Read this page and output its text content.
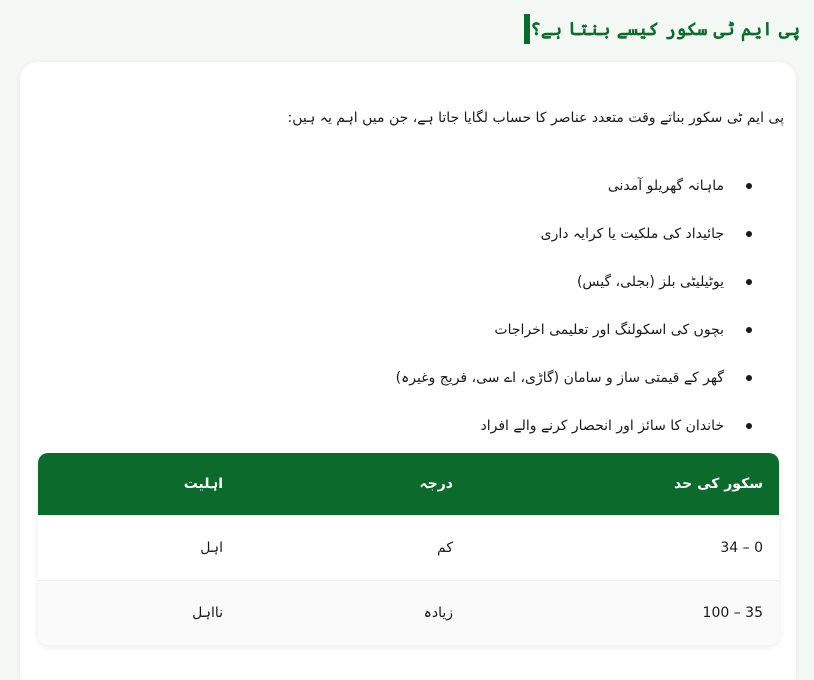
پی ایم ٹی سکور کیسے بنتا ہے؟

پی ایم ٹی سکور بناتے وقت متعدد عناصر کا حساب لگایا جاتا ہے، جن میں اہم یہ ہیں:

ماہانہ گھریلو آمدنی
جائیداد کی ملکیت یا کرایہ داری
یوٹیلیٹی بلز (بجلی، گیس)
بچوں کی اسکولنگ اور تعلیمی اخراجات
گھر کے قیمتی ساز و سامان (گاڑی، اے سی، فریج وغیرہ)
خاندان کا سائز اور انحصار کرنے والے افراد
سکور کی حد
درجہ
اہلیت
0 – 34
کم
اہل
35 – 100
زیادہ
نااہل
